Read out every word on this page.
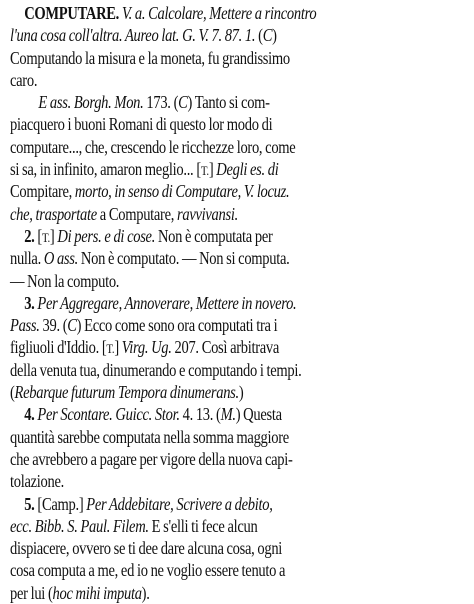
COMPUTARE. V. a. Calcolare, Mettere a rincontro
l'una cosa coll'altra. Aureo lat. G. V. 7. 87. 1. (C)
Computando la misura e la moneta, fu grandissimo
caro.
E ass. Borgh. Mon. 173. (C) Tanto si com-
piacquero i buoni Romani di questo lor modo di
computare..., che, crescendo le ricchezze loro, come
si sa, in infinito, amaron meglio... [T.] Degli es. di
Compitare, morto, in senso di Computare, V. locuz.
che, trasportate a Computare, ravvivansi.
2. [T.] Di pers. e di cose. Non è computata per
nulla. O ass. Non è computato. — Non si computa.
— Non la computo.
3. Per Aggregare, Annoverare, Mettere in novero.
Pass. 39. (C) Ecco come sono ora computati tra i
figliuoli d'Iddio. [T.] Virg. Ug. 207. Così arbitrava
della venuta tua, dinumerando e computando i tempi.
(Rebarque futurum Tempora dinumerans.)
4. Per Scontare. Guicc. Stor. 4. 13. (M.) Questa
quantità sarebbe computata nella somma maggiore
che avrebbero a pagare per vigore della nuova capi-
tolazione.
5. [Camp.] Per Addebitare, Scrivere a debito,
ecc. Bibb. S. Paul. Filem. E s'elli ti fece alcun
dispiacere, ovvero se ti dee dare alcuna cosa, ogni
cosa computa a me, ed io ne voglio essere tenuto a
per lui (hoc mihi imputa).
